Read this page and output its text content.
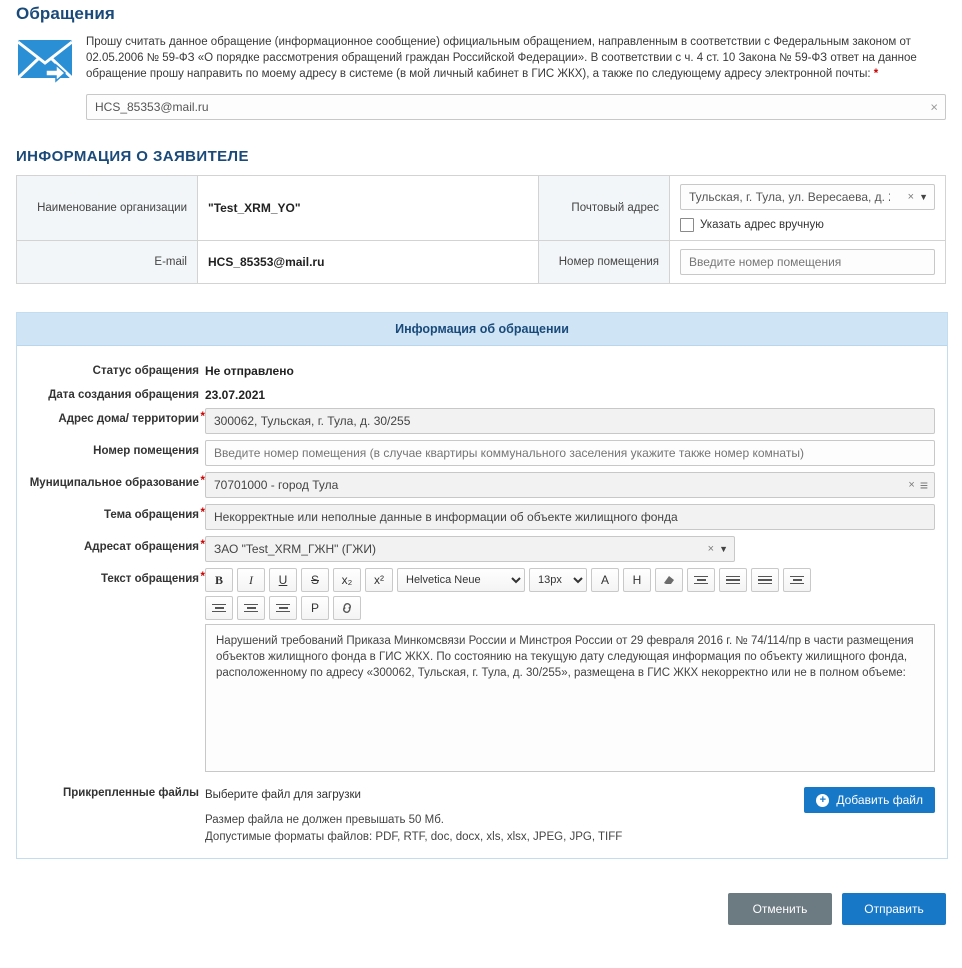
Обращения
Прошу считать данное обращение (информационное сообщение) официальным обращением, направленным в соответствии с Федеральным законом от 02.05.2006 № 59-ФЗ «О порядке рассмотрения обращений граждан Российской Федерации». В соответствии с ч. 4 ст. 10 Закона № 59-ФЗ ответ на данное обращение прошу направить по моему адресу в системе (в мой личный кабинет в ГИС ЖКХ), а также по следующему адресу электронной почты: *
HCS_85353@mail.ru
×
ИНФОРМАЦИЯ О ЗАЯВИТЕЛЕ
Наименование организации	"Test_XRM_YO"	Почтовый адрес	
Тульская, г. Тула, ул. Вересаева, д. 2
× ▼
Указать адрес вручную

E-mail	HCS_85353@mail.ru	Номер помещения	Введите номер помещения
Информация об обращении
Статус обращения Не отправлено
Дата создания обращения 23.07.2021
Адрес дома/ территории *
300062, Тульская, г. Тула, д. 30/255
Номер помещения
Введите номер помещения (в случае квартиры коммунального заселения укажите также номер комнаты)
Муниципальное образование *
70701000 - город Тула	× ≡
Тема обращения *
Некорректные или неполные данные в информации об объекте жилищного фонда
Адресат обращения *
ЗАО "Test_XRM_ГЖН" (ГЖИ)	× ▼
Текст обращения * B I U S x₂ x²
Helvetica Neue
13px	A H
P
Нарушений требований Приказа Минкомсвязи России и Минстроя России от 29 февраля 2016 г. № 74/114/пр в части размещения объектов жилищного фонда в ГИС ЖКХ. По состоянию на текущую дату следующая информация по объекту жилищного фонда, расположенному по адресу «300062, Тульская, г. Тула, д. 30/255», размещена в ГИС ЖКХ некорректно или не в полном объеме:
Прикрепленные файлы Выберите файл для загрузки
Размер файла не должен превышать 50 Мб.
Допустимые форматы файлов: PDF, RTF, doc, docx, xls, xlsx, JPEG, JPG, TIFF
+ Добавить файл
Отменить	Отправить
